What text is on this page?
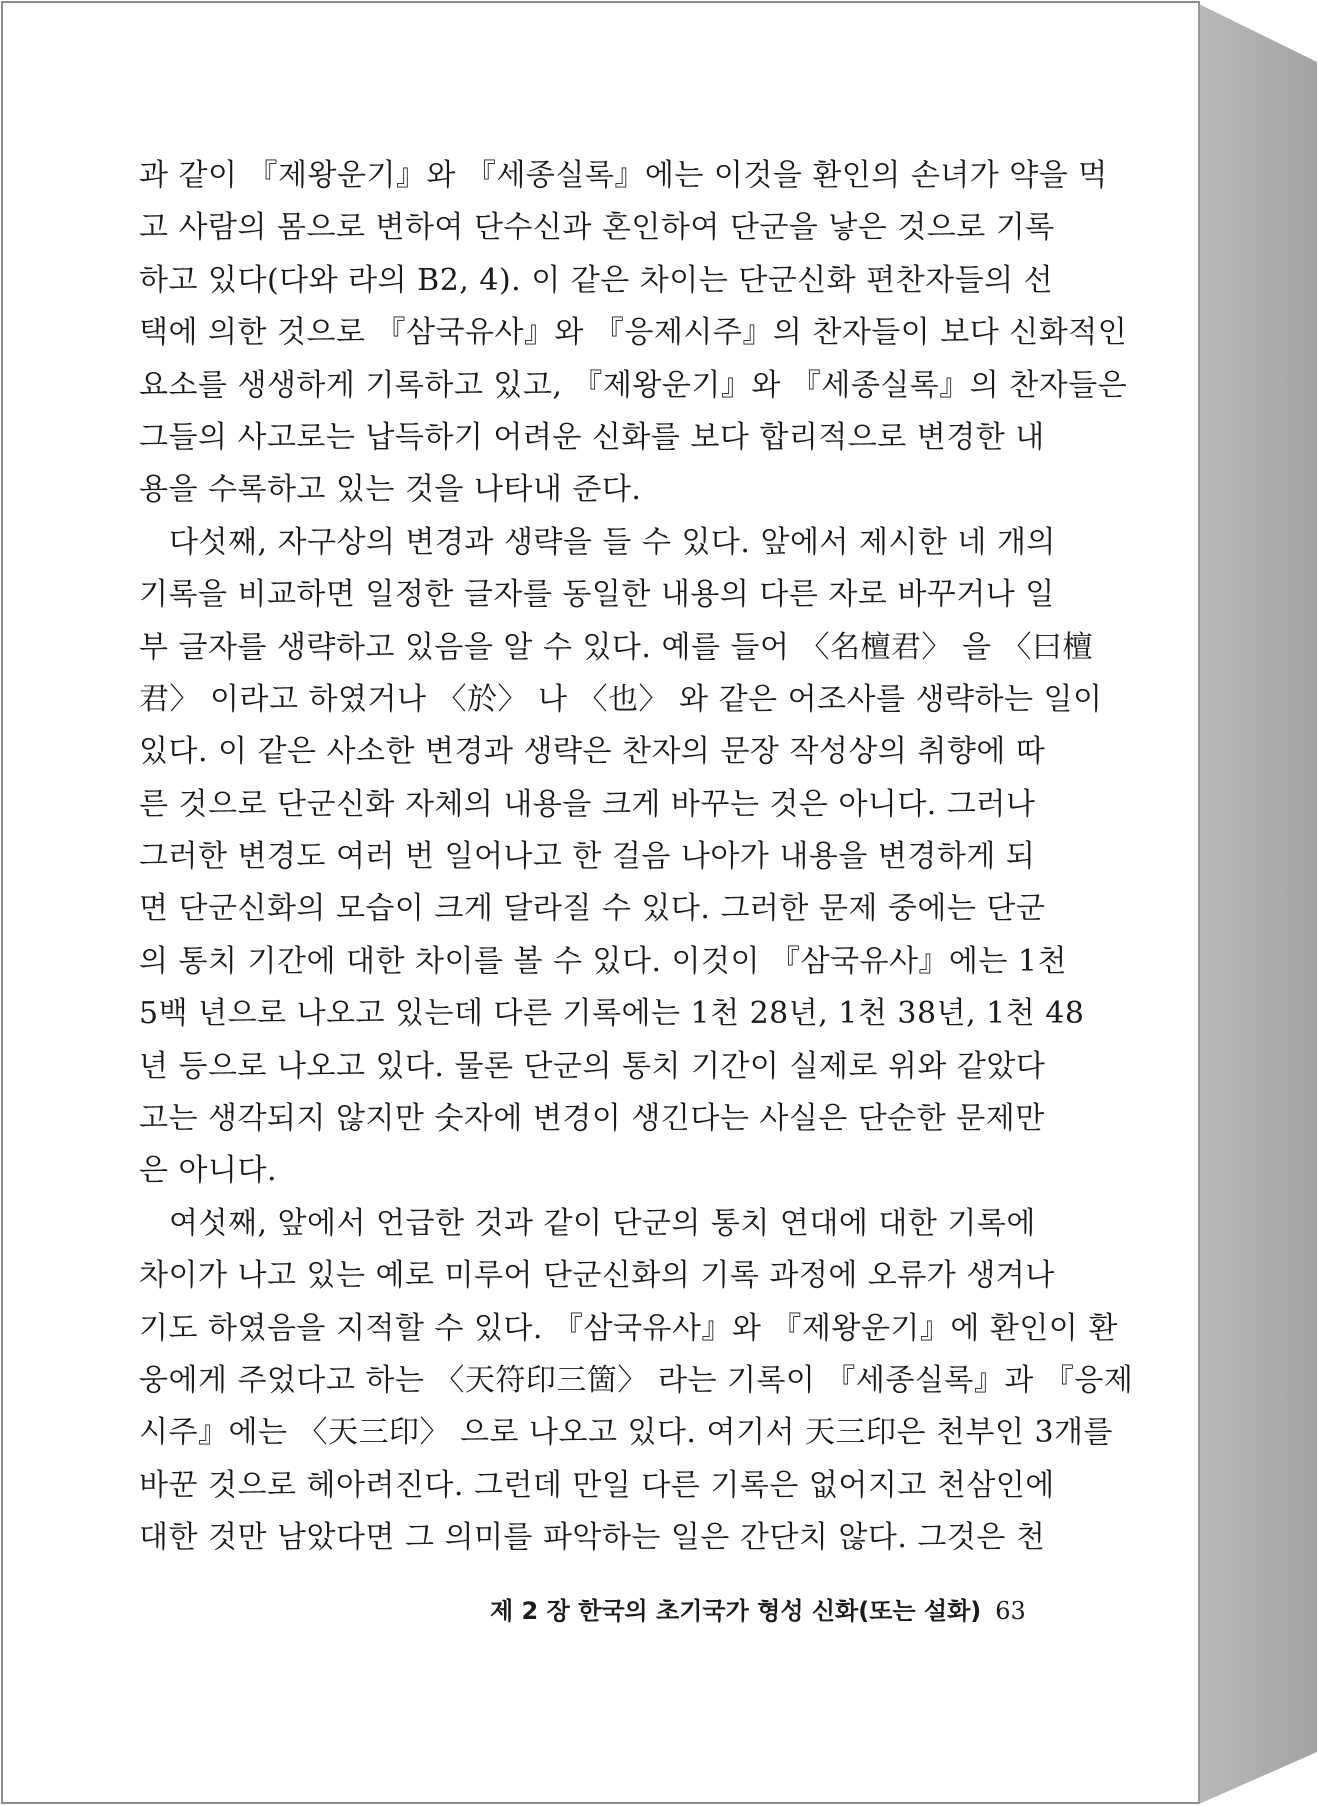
과 같이 『제왕운기』와 『세종실록』에는 이것을 환인의 손녀가 약을 먹
고 사람의 몸으로 변하여 단수신과 혼인하여 단군을 낳은 것으로 기록
하고 있다(다와 라의 B2, 4). 이 같은 차이는 단군신화 편찬자들의 선
택에 의한 것으로 『삼국유사』와 『응제시주』의 찬자들이 보다 신화적인
요소를 생생하게 기록하고 있고, 『제왕운기』와 『세종실록』의 찬자들은
그들의 사고로는 납득하기 어려운 신화를 보다 합리적으로 변경한 내
용을 수록하고 있는 것을 나타내 준다.
다섯째, 자구상의 변경과 생략을 들 수 있다. 앞에서 제시한 네 개의
기록을 비교하면 일정한 글자를 동일한 내용의 다른 자로 바꾸거나 일
부 글자를 생략하고 있음을 알 수 있다. 예를 들어 〈名檀君〉 을 〈曰檀
君〉 이라고 하였거나 〈於〉 나 〈也〉 와 같은 어조사를 생략하는 일이
있다. 이 같은 사소한 변경과 생략은 찬자의 문장 작성상의 취향에 따
른 것으로 단군신화 자체의 내용을 크게 바꾸는 것은 아니다. 그러나
그러한 변경도 여러 번 일어나고 한 걸음 나아가 내용을 변경하게 되
면 단군신화의 모습이 크게 달라질 수 있다. 그러한 문제 중에는 단군
의 통치 기간에 대한 차이를 볼 수 있다. 이것이 『삼국유사』에는 1천
5백 년으로 나오고 있는데 다른 기록에는 1천 28년, 1천 38년, 1천 48
년 등으로 나오고 있다. 물론 단군의 통치 기간이 실제로 위와 같았다
고는 생각되지 않지만 숫자에 변경이 생긴다는 사실은 단순한 문제만
은 아니다.
여섯째, 앞에서 언급한 것과 같이 단군의 통치 연대에 대한 기록에
차이가 나고 있는 예로 미루어 단군신화의 기록 과정에 오류가 생겨나
기도 하였음을 지적할 수 있다. 『삼국유사』와 『제왕운기』에 환인이 환
웅에게 주었다고 하는 〈天符印三箇〉 라는 기록이 『세종실록』과 『응제
시주』에는 〈天三印〉 으로 나오고 있다. 여기서 天三印은 천부인 3개를
바꾼 것으로 헤아려진다. 그런데 만일 다른 기록은 없어지고 천삼인에
대한 것만 남았다면 그 의미를 파악하는 일은 간단치 않다. 그것은 천
제 2 장 한국의 초기국가 형성 신화(또는 설화) 63
